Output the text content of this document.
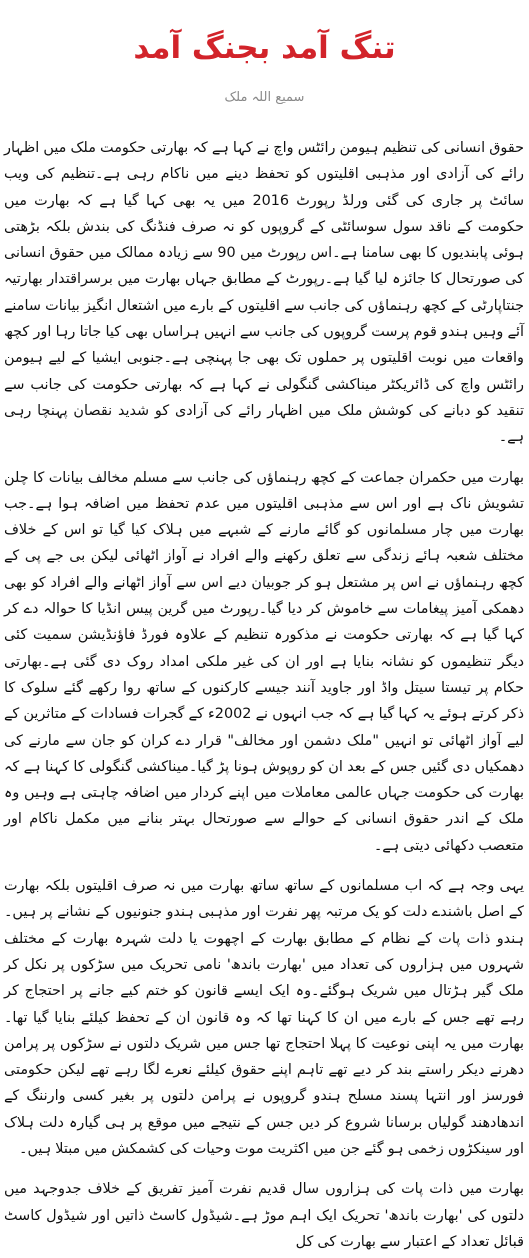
تنگ آمد بجنگ آمد
سمیع اللہ ملک

حقوق انسانی کی تنظیم ہیومن رائٹس واچ نے کہا ہے کہ بھارتی حکومت ملک میں اظہار رائے کی آزادی اور مذہبی اقلیتوں کو تحفظ دینے میں ناکام رہی ہے۔تنظیم کی ویب سائٹ پر جاری کی گئی ورلڈ رپورٹ 2016 میں یہ بھی کہا گیا ہے کہ بھارت میں حکومت کے ناقد سول سوسائٹی کے گروپوں کو نہ صرف فنڈنگ کی بندش بلکہ بڑھتی ہوئی پابندیوں کا بھی سامنا ہے۔اس رپورٹ میں 90 سے زیادہ ممالک میں حقوق انسانی کی صورتحال کا جائزہ لیا گیا ہے۔رپورٹ کے مطابق جہاں بھارت میں برسراقتدار بھارتیہ جنتاپارٹی کے کچھ رہنماؤں کی جانب سے اقلیتوں کے بارے میں اشتعال انگیز بیانات سامنے آئے وہیں ہندو قوم پرست گروپوں کی جانب سے انہیں ہراساں بھی کیا جاتا رہا اور کچھ واقعات میں نوبت اقلیتوں پر حملوں تک بھی جا پہنچی ہے۔جنوبی ایشیا کے لیے ہیومن رائٹس واچ کی ڈائریکٹر میناکشی گنگولی نے کہا ہے کہ بھارتی حکومت کی جانب سے تنقید کو دبانے کی کوشش ملک میں اظہار رائے کی آزادی کو شدید نقصان پہنچا رہی ہے۔

بھارت میں حکمران جماعت کے کچھ رہنماؤں کی جانب سے مسلم مخالف بیانات کا چلن تشویش ناک ہے اور اس سے مذہبی اقلیتوں میں عدم تحفظ میں اضافہ ہوا ہے۔جب بھارت میں چار مسلمانوں کو گائے مارنے کے شبہے میں ہلاک کیا گیا تو اس کے خلاف مختلف شعبہ ہائے زندگی سے تعلق رکھنے والے افراد نے آواز اٹھائی لیکن بی جے پی کے کچھ رہنماؤں نے اس پر مشتعل ہو کر جوبیان دیے اس سے آواز اٹھانے والے افراد کو بھی دھمکی آمیز پیغامات سے خاموش کر دیا گیا۔رپورٹ میں گرین پیس انڈیا کا حوالہ دے کر کہا گیا ہے کہ بھارتی حکومت نے مذکورہ تنظیم کے علاوہ فورڈ فاؤنڈیشن سمیت کئی دیگر تنظیموں کو نشانہ بنایا ہے اور ان کی غیر ملکی امداد روک دی گئی ہے۔بھارتی حکام پر تیستا سیتل واڈ اور جاوید آنند جیسے کارکنوں کے ساتھ روا رکھے گئے سلوک کا ذکر کرتے ہوئے یہ کہا گیا ہے کہ جب انہوں نے 2002ء کے گجرات فسادات کے متاثرین کے لیے آواز اٹھائی تو انہیں "ملک دشمن اور مخالف" قرار دے کران کو جان سے مارنے کی دھمکیاں دی گئیں جس کے بعد ان کو روپوش ہونا پڑ گیا۔میناکشی گنگولی کا کہنا ہے کہ بھارت کی حکومت جہاں عالمی معاملات میں اپنے کردار میں اضافہ چاہتی ہے وہیں وہ ملک کے اندر حقوق انسانی کے حوالے سے صورتحال بہتر بنانے میں مکمل ناکام اور متعصب دکھائی دیتی ہے۔

یہی وجہ ہے کہ اب مسلمانوں کے ساتھ ساتھ بھارت میں نہ صرف اقلیتوں بلکہ بھارت کے اصل باشندے دلت کو یک مرتبہ پھر نفرت اور مذہبی ہندو جنونیوں کے نشانے پر ہیں۔ہندو ذات پات کے نظام کے مطابق بھارت کے اچھوت یا دلت شہرہ بھارت کے مختلف شہروں میں ہزاروں کی تعداد میں 'بھارت باندھ' نامی تحریک میں سڑکوں پر نکل کر ملک گیر ہڑتال میں شریک ہوگئے۔وہ ایک ایسے قانون کو ختم کیے جانے پر احتجاج کر رہے تھے جس کے بارے میں ان کا کہنا تھا کہ وہ قانون ان کے تحفظ کیلئے بنایا گیا تھا۔بھارت میں یہ اپنی نوعیت کا پہلا احتجاج تھا جس میں شریک دلتوں نے سڑکوں پر پرامن دھرنے دیکر راستے بند کر دیے تھے تاہم اپنے حقوق کیلئے نعرے لگا رہے تھے لیکن حکومتی فورسز اور انتہا پسند مسلح ہندو گروپوں نے پرامن دلتوں پر بغیر کسی وارننگ کے اندھادھند گولیاں برسانا شروع کر دیں جس کے نتیجے میں موقع پر ہی گیارہ دلت ہلاک اور سینکڑوں زخمی ہو گئے جن میں اکثریت موت وحیات کی کشمکش میں مبتلا ہیں۔

بھارت میں ذات پات کی ہزاروں سال قدیم نفرت آمیز تفریق کے خلاف جدوجہد میں دلتوں کی 'بھارت باندھ' تحریک ایک اہم موڑ ہے۔شیڈول کاسٹ ذاتیں اور شیڈول کاسٹ قبائل تعداد کے اعتبار سے بھارت کی کل
